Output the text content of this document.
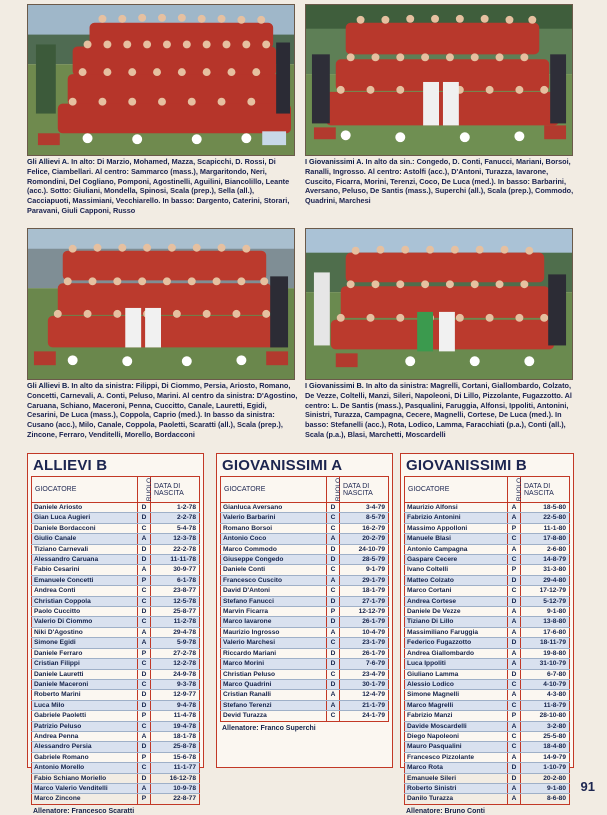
Gli Allievi A. In alto: Di Marzio, Mohamed, Mazza, Scapicchi, D. Rossi, Di Felice, Ciambellari. Al centro: Sammarco (mass.), Margaritondo, Neri, Romondini, Del Cogliano, Pomponi, Agostinelli, Aguilini, Biancolillo, Leante (acc.). Sotto: Giuliani, Mondella, Spinosi, Scala (prep.), Sella (all.), Cacciapuoti, Massimiani, Vecchiarello. In basso: Dargento, Caterini, Storari, Paravani, Giuli Capponi, Russo
I Giovanissimi A. In alto da sin.: Congedo, D. Conti, Fanucci, Mariani, Borsoi, Ranalli, Ingrosso. Al centro: Astolfi (acc.), D'Antoni, Turazza, Iavarone, Cuscito, Ficarra, Morini, Terenzi, Coco, De Luca (med.). In basso: Barbarini, Aversano, Peluso, De Santis (mass.), Superchi (all.), Scala (prep.), Commodo, Quadrini, Marchesi
Gli Allievi B. In alto da sinistra: Filippi, Di Ciommo, Persia, Ariosto, Romano, Concetti, Carnevali, A. Conti, Peluso, Marini. Al centro da sinistra: D'Agostino, Caruana, Schiano, Maceroni, Penna, Cuccitto, Canale, Lauretti, Egidi, Cesarini, De Luca (mass.), Coppola, Caprio (med.). In basso da sinistra: Cusano (acc.), Milo, Canale, Coppola, Paoletti, Scaratti (all.), Scala (prep.), Zincone, Ferraro, Venditelli, Morello, Bordacconi
I Giovanissimi B. In alto da sinistra: Magrelli, Cortani, Giallombardo, Colzato, De Vezze, Coltelli, Manzi, Sileri, Napoleoni, Di Lillo, Pizzolante, Fugazzotto. Al centro: L. De Santis (mass.), Pasqualini, Faruggia, Alfonsi, Ippoliti, Antonini, Sinistri, Turazza, Campagna, Cecere, Magnelli, Cortese, De Luca (med.). In basso: Stefanelli (acc.), Rota, Lodico, Lamma, Faracchiati (p.a.), Conti (all.), Scala (p.a.), Blasi, Marchetti, Moscardelli
ALLIEVI B
GIOCATORE	RUOLO	DATA DI NASCITA
Daniele Ariosto	D	1-2-78
Gian Luca Augieri	D	2-2-78
Daniele Bordacconi	C	5-4-78
Giulio Canale	A	12-3-78
Tiziano Carnevali	D	22-2-78
Alessandro Caruana	D	11-11-78
Fabio Cesarini	A	30-9-77
Emanuele Concetti	P	6-1-78
Andrea Conti	C	23-8-77
Christian Coppola	C	12-5-78
Paolo Cuccitto	D	25-8-77
Valerio Di Ciommo	C	11-2-78
Niki D'Agostino	A	29-4-78
Simone Egidi	A	5-9-78
Daniele Ferraro	P	27-2-78
Cristian Filippi	C	12-2-78
Daniele Lauretti	D	24-9-78
Daniele Maceroni	C	9-3-78
Roberto Marini	D	12-9-77
Luca Milo	D	9-4-78
Gabriele Paoletti	P	11-4-78
Patrizio Peluso	C	19-4-78
Andrea Penna	A	18-1-78
Alessandro Persia	D	25-8-78
Gabriele Romano	P	15-6-78
Antonio Morello	C	11-1-77
Fabio Schiano Moriello	D	16-12-78
Marco Valerio Venditelli	A	10-9-78
Marco Zincone	P	22-8-77
Allenatore: Francesco Scaratti
GIOVANISSIMI A
GIOCATORE	RUOLO	DATA DI NASCITA
Gianluca Aversano	D	3-4-79
Valerio Barbarini	C	8-5-79
Romano Borsoi	C	16-2-79
Antonio Coco	A	20-2-79
Marco Commodo	D	24-10-79
Giuseppe Congedo	D	28-5-79
Daniele Conti	C	9-1-79
Francesco Cuscito	A	29-1-79
David D'Antoni	C	18-1-79
Stefano Fanucci	D	27-1-79
Marvin Ficarra	P	12-12-79
Marco Iavarone	D	26-1-79
Maurizio Ingrosso	A	10-4-79
Valerio Marchesi	C	23-1-79
Riccardo Mariani	D	26-1-79
Marco Morini	D	7-6-79
Christian Peluso	C	23-4-79
Marco Quadrini	D	30-1-79
Cristian Ranalli	A	12-4-79
Stefano Terenzi	A	21-1-79
Devid Turazza	C	24-1-79
Allenatore: Franco Superchi
GIOVANISSIMI B
GIOCATORE	RUOLO	DATA DI NASCITA
Maurizio Alfonsi	A	18-5-80
Fabrizio Antonini	A	22-5-80
Massimo Appolloni	P	11-1-80
Manuele Blasi	C	17-8-80
Antonio Campagna	A	2-6-80
Gaspare Cecere	C	14-8-79
Ivano Coltelli	P	31-3-80
Matteo Colzato	D	29-4-80
Marco Cortani	C	17-12-79
Andrea Cortese	D	5-12-79
Daniele De Vezze	A	9-1-80
Tiziano Di Lillo	A	13-8-80
Massimiliano Faruggia	A	17-6-80
Federico Fugazzotto	D	18-11-79
Andrea Giallombardo	A	19-8-80
Luca Ippoliti	A	31-10-79
Giuliano Lamma	D	6-7-80
Alessio Lodico	C	4-10-79
Simone Magnelli	A	4-3-80
Marco Magrelli	C	11-8-79
Fabrizio Manzi	P	28-10-80
Davide Moscardelli	A	3-2-80
Diego Napoleoni	C	25-5-80
Mauro Pasqualini	C	18-4-80
Francesco Pizzolante	A	14-9-79
Marco Rota	D	1-10-79
Emanuele Sileri	D	20-2-80
Roberto Sinistri	A	9-1-80
Danilo Turazza	A	8-6-80
Allenatore: Bruno Conti
91
